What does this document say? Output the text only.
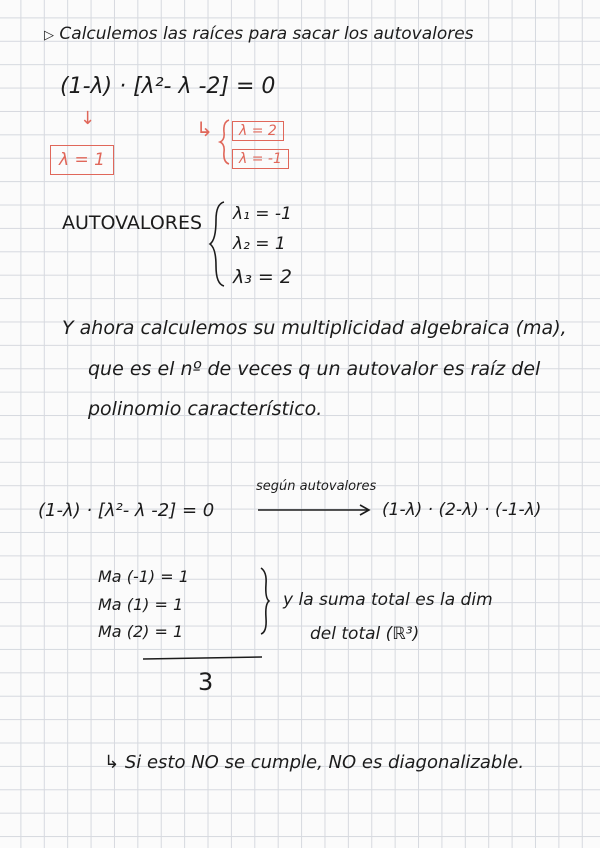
▷ Calculemos las raíces para sacar los autovalores
(1-λ) · [λ²- λ -2] = 0
↓
λ = 1
↳	λ = 2
λ = -1
AUTOVALORES λ₁ = -1
λ₂ = 1
λ₃ = 2
Y ahora calculemos su multiplicidad algebraica (ma),
que es el nº de veces q un autovalor es raíz del
polinomio característico.
(1-λ) · [λ²- λ -2] = 0
según autovalores
(1-λ) · (2-λ) · (-1-λ)
Ma (-1) = 1
Ma (1) = 1
Ma (2) = 1
y la suma total es la dim
del total (ℝ³)
3
↳ Si esto NO se cumple, NO es diagonalizable.
